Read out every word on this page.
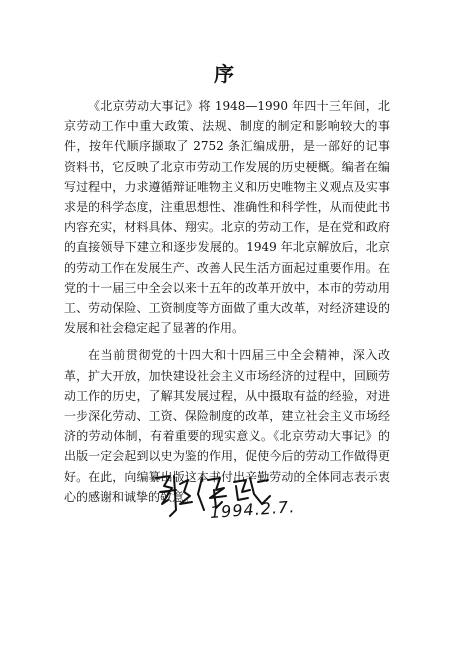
序

《北京劳动大事记》将 1948—1990 年四十三年间，北京劳动工作中重大政策、法规、制度的制定和影响较大的事件，按年代顺序撷取了 2752 条汇编成册，是一部好的记事资料书，它反映了北京市劳动工作发展的历史梗概。编者在编写过程中，力求遵循辩证唯物主义和历史唯物主义观点及实事求是的科学态度，注重思想性、准确性和科学性，从而使此书内容充实，材料具体、翔实。北京的劳动工作，是在党和政府的直接领导下建立和逐步发展的。1949 年北京解放后，北京的劳动工作在发展生产、改善人民生活方面起过重要作用。在党的十一届三中全会以来十五年的改革开放中，本市的劳动用工、劳动保险、工资制度等方面做了重大改革，对经济建设的发展和社会稳定起了显著的作用。

在当前贯彻党的十四大和十四届三中全会精神，深入改革，扩大开放，加快建设社会主义市场经济的过程中，回顾劳动工作的历史，了解其发展过程，从中摄取有益的经验，对进一步深化劳动、工资、保险制度的改革，建立社会主义市场经济的劳动体制，有着重要的现实意义。《北京劳动大事记》的出版一定会起到以史为鉴的作用，促使今后的劳动工作做得更好。在此，向编纂出版这本书付出辛勤劳动的全体同志表示衷心的感谢和诚挚的敬意。

1994.2.7.
